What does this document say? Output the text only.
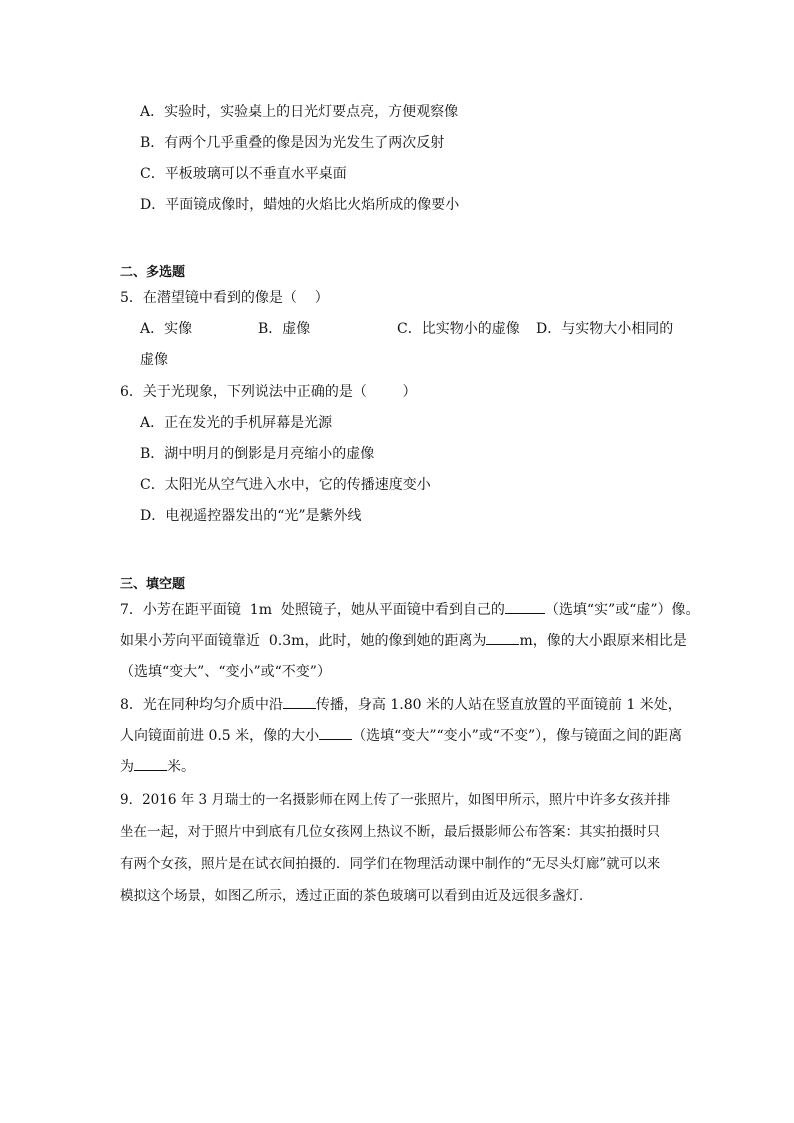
A．实验时，实验桌上的日光灯要点亮，方便观察像
B．有两个几乎重叠的像是因为光发生了两次反射
C．平板玻璃可以不垂直水平桌面
D．平面镜成像时，蜡烛的火焰比火焰所成的像要小
二、多选题
5．在潜望镜中看到的像是（    ）
A．实像	B．虚像	C．比实物小的虚像 D．与实物大小相同的
虚像
6．关于光现象，下列说法中正确的是（        ）
A．正在发光的手机屏幕是光源
B．湖中明月的倒影是月亮缩小的虚像
C．太阳光从空气进入水中，它的传播速度变小
D．电视遥控器发出的“光”是紫外线
三、填空题
7．小芳在距平面镜  1m  处照镜子，她从平面镜中看到自己的	（选填“实”或“虚”）像。
如果小芳向平面镜靠近  0.3m，此时，她的像到她的距离为 m，像的大小跟原来相比是
（选填“变大”、“变小”或“不变”）
8．光在同种均匀介质中沿 传播，身高 1.80 米的人站在竖直放置的平面镜前 1 米处，
人向镜面前进 0.5 米，像的大小 （选填“变大”“变小”或“不变”），像与镜面之间的距离
为 米。
9．2016 年 3 月瑞士的一名摄影师在网上传了一张照片，如图甲所示，照片中许多女孩并排
坐在一起，对于照片中到底有几位女孩网上热议不断，最后摄影师公布答案：其实拍摄时只
有两个女孩，照片是在试衣间拍摄的．同学们在物理活动课中制作的“无尽头灯廊”就可以来
模拟这个场景，如图乙所示，透过正面的茶色玻璃可以看到由近及远很多盏灯．
